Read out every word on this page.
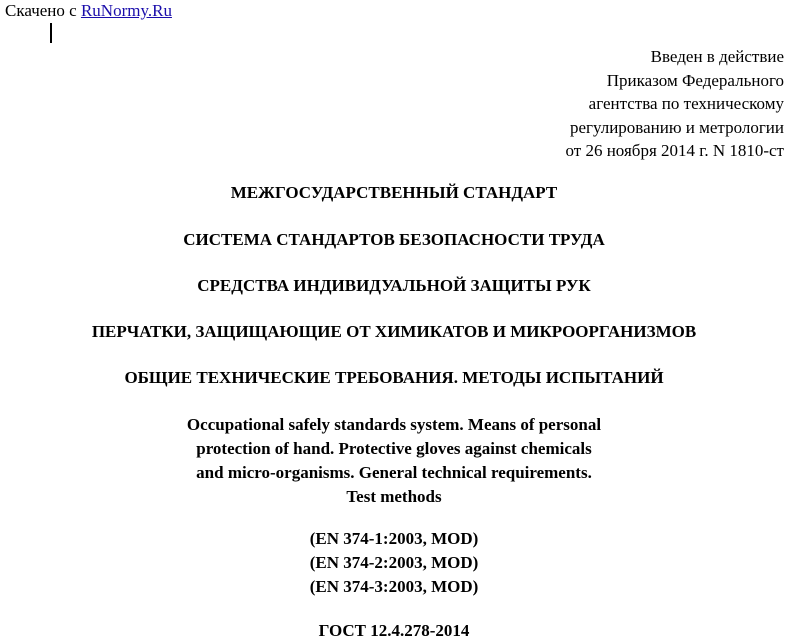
Скачено с RuNormy.Ru
Введен в действие
Приказом Федерального
агентства по техническому
регулированию и метрологии
от 26 ноября 2014 г. N 1810-ст
МЕЖГОСУДАРСТВЕННЫЙ СТАНДАРТ
СИСТЕМА СТАНДАРТОВ БЕЗОПАСНОСТИ ТРУДА
СРЕДСТВА ИНДИВИДУАЛЬНОЙ ЗАЩИТЫ РУК
ПЕРЧАТКИ, ЗАЩИЩАЮЩИЕ ОТ ХИМИКАТОВ И МИКРООРГАНИЗМОВ
ОБЩИЕ ТЕХНИЧЕСКИЕ ТРЕБОВАНИЯ. МЕТОДЫ ИСПЫТАНИЙ
Occupational safely standards system. Means of personal
protection of hand. Protective gloves against chemicals
and micro-organisms. General technical requirements.
Test methods
(EN 374-1:2003, MOD)
(EN 374-2:2003, MOD)
(EN 374-3:2003, MOD)
ГОСТ 12.4.278-2014
